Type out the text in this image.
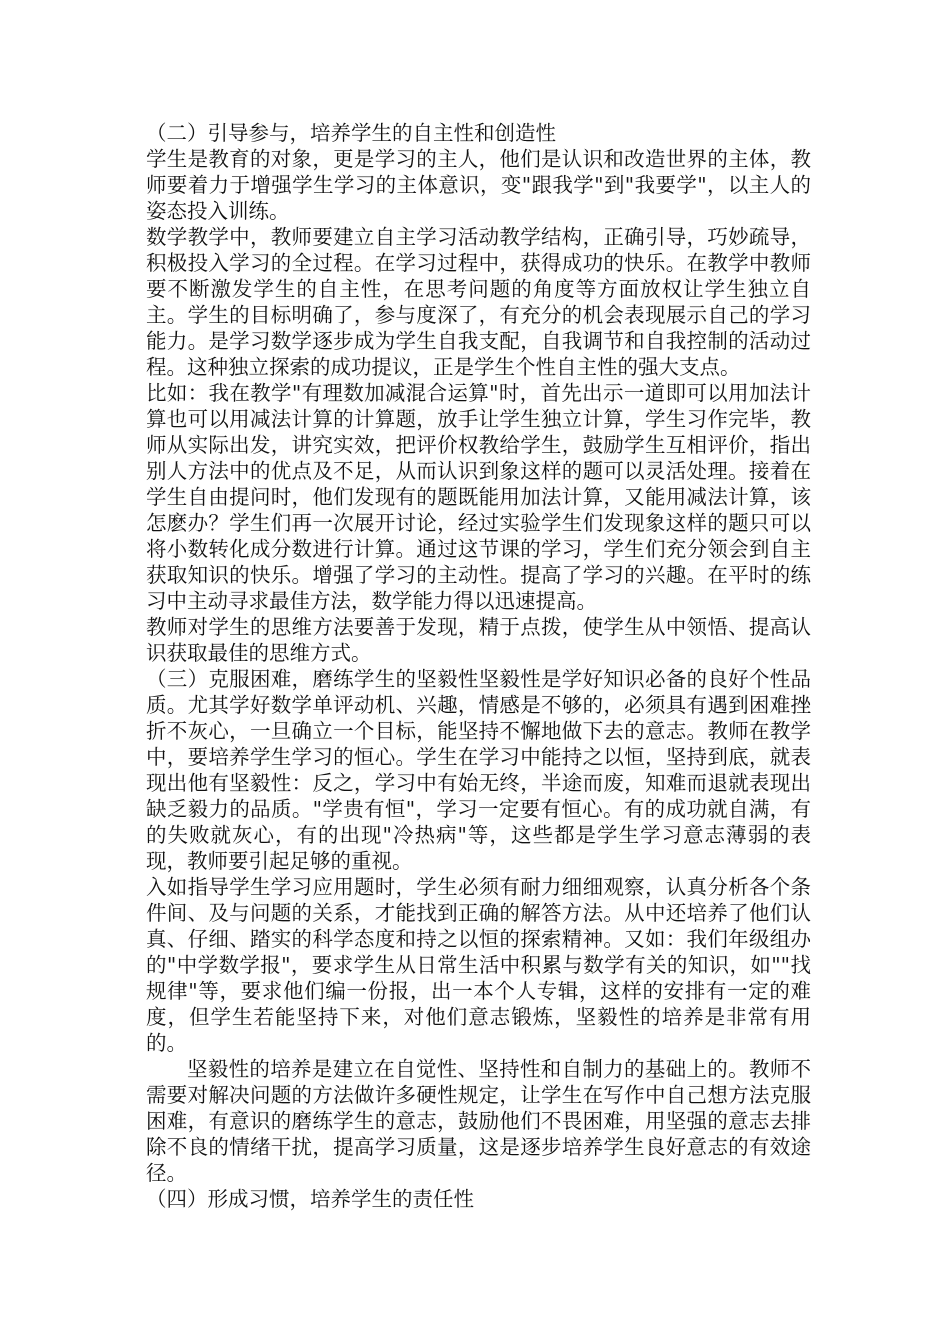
（二）引导参与，培养学生的自主性和创造性

学生是教育的对象，更是学习的主人，他们是认识和改造世界的主体，教师要着力于增强学生学习的主体意识，变"跟我学"到"我要学"，以主人的姿态投入训练。

数学教学中，教师要建立自主学习活动教学结构，正确引导，巧妙疏导，积极投入学习的全过程。在学习过程中，获得成功的快乐。在教学中教师要不断激发学生的自主性，在思考问题的角度等方面放权让学生独立自主。学生的目标明确了，参与度深了，有充分的机会表现展示自己的学习能力。是学习数学逐步成为学生自我支配，自我调节和自我控制的活动过程。这种独立探索的成功提议，正是学生个性自主性的强大支点。

比如：我在教学"有理数加减混合运算"时，首先出示一道即可以用加法计算也可以用减法计算的计算题，放手让学生独立计算，学生习作完毕，教师从实际出发，讲究实效，把评价权教给学生，鼓励学生互相评价，指出别人方法中的优点及不足，从而认识到象这样的题可以灵活处理。接着在学生自由提问时，他们发现有的题既能用加法计算，又能用减法计算，该怎麽办？学生们再一次展开讨论，经过实验学生们发现象这样的题只可以将小数转化成分数进行计算。通过这节课的学习，学生们充分领会到自主获取知识的快乐。增强了学习的主动性。提高了学习的兴趣。在平时的练习中主动寻求最佳方法，数学能力得以迅速提高。

教师对学生的思维方法要善于发现，精于点拨，使学生从中领悟、提高认识获取最佳的思维方式。

（三）克服困难，磨练学生的坚毅性坚毅性是学好知识必备的良好个性品质。尤其学好数学单评动机、兴趣，情感是不够的，必须具有遇到困难挫折不灰心，一旦确立一个目标，能坚持不懈地做下去的意志。教师在教学中，要培养学生学习的恒心。学生在学习中能持之以恒，坚持到底，就表现出他有坚毅性：反之，学习中有始无终，半途而废，知难而退就表现出缺乏毅力的品质。"学贵有恒"，学习一定要有恒心。有的成功就自满，有的失败就灰心，有的出现"冷热病"等，这些都是学生学习意志薄弱的表现，教师要引起足够的重视。

入如指导学生学习应用题时，学生必须有耐力细细观察，认真分析各个条件间、及与问题的关系，才能找到正确的解答方法。从中还培养了他们认真、仔细、踏实的科学态度和持之以恒的探索精神。又如：我们年级组办的"中学数学报"，要求学生从日常生活中积累与数学有关的知识，如""找规律"等，要求他们编一份报，出一本个人专辑，这样的安排有一定的难度，但学生若能坚持下来，对他们意志锻炼，坚毅性的培养是非常有用的。

坚毅性的培养是建立在自觉性、坚持性和自制力的基础上的。教师不需要对解决问题的方法做许多硬性规定，让学生在写作中自己想方法克服困难，有意识的磨练学生的意志，鼓励他们不畏困难，用坚强的意志去排除不良的情绪干扰，提高学习质量，这是逐步培养学生良好意志的有效途径。

（四）形成习惯，培养学生的责任性
